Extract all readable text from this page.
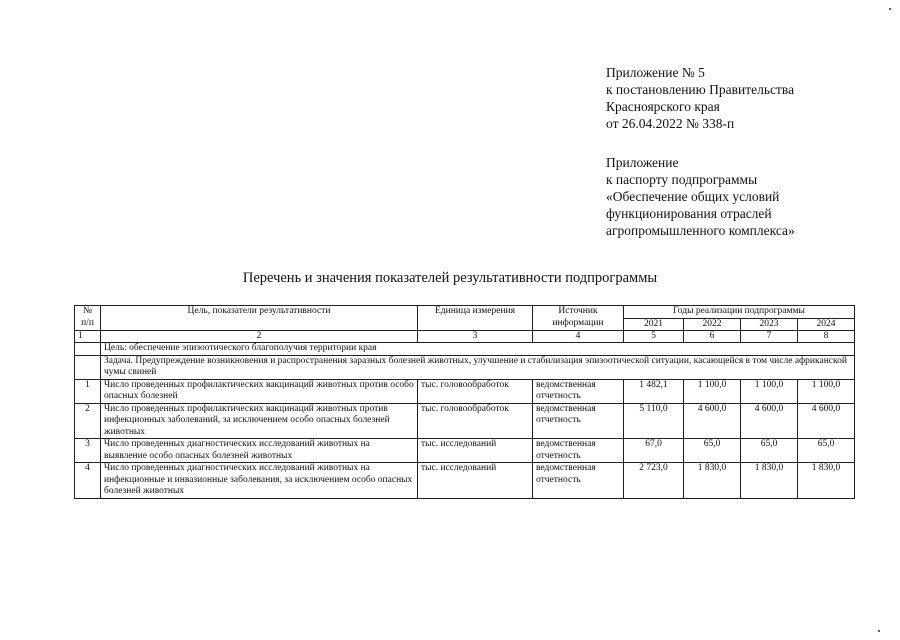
Приложение № 5
к постановлению Правительства
Красноярского края
от 26.04.2022 № 338-п
Приложение
к паспорту подпрограммы
«Обеспечение общих условий
функционирования отраслей
агропромышленного комплекса»
Перечень и значения показателей результативности подпрограммы
№ п/п	Цель, показатели результативности	Единица измерения	Источник информации	Годы реализации подпрограммы			
				2021	2022	2023	2024
1	2	3	4	5	6	7	8
	Цель: обеспечение эпизоотического благополучия территории края						
	Задача. Предупреждение возникновения и распространения заразных болезней животных, улучшение и стабилизация эпизоотической ситуации, касающейся в том числе африканской чумы свиней						
1	Число проведенных профилактических вакцинаций животных против особо опасных болезней	тыс. головообработок	ведомственная отчетность	1 482,1	1 100,0	1 100,0	1 100,0
2	Число проведенных профилактических вакцинаций животных против инфекционных заболеваний, за исключением особо опасных болезней животных	тыс. головообработок	ведомственная отчетность	5 110,0	4 600,0	4 600,0	4 600,0
3	Число проведенных диагностических исследований животных на выявление особо опасных болезней животных	тыс. исследований	ведомственная отчетность	67,0	65,0	65,0	65,0
4	Число проведенных диагностических исследований животных на инфекционные и инвазионные заболевания, за исключением особо опасных болезней животных	тыс. исследований	ведомственная отчетность	2 723,0	1 830,0	1 830,0	1 830,0
